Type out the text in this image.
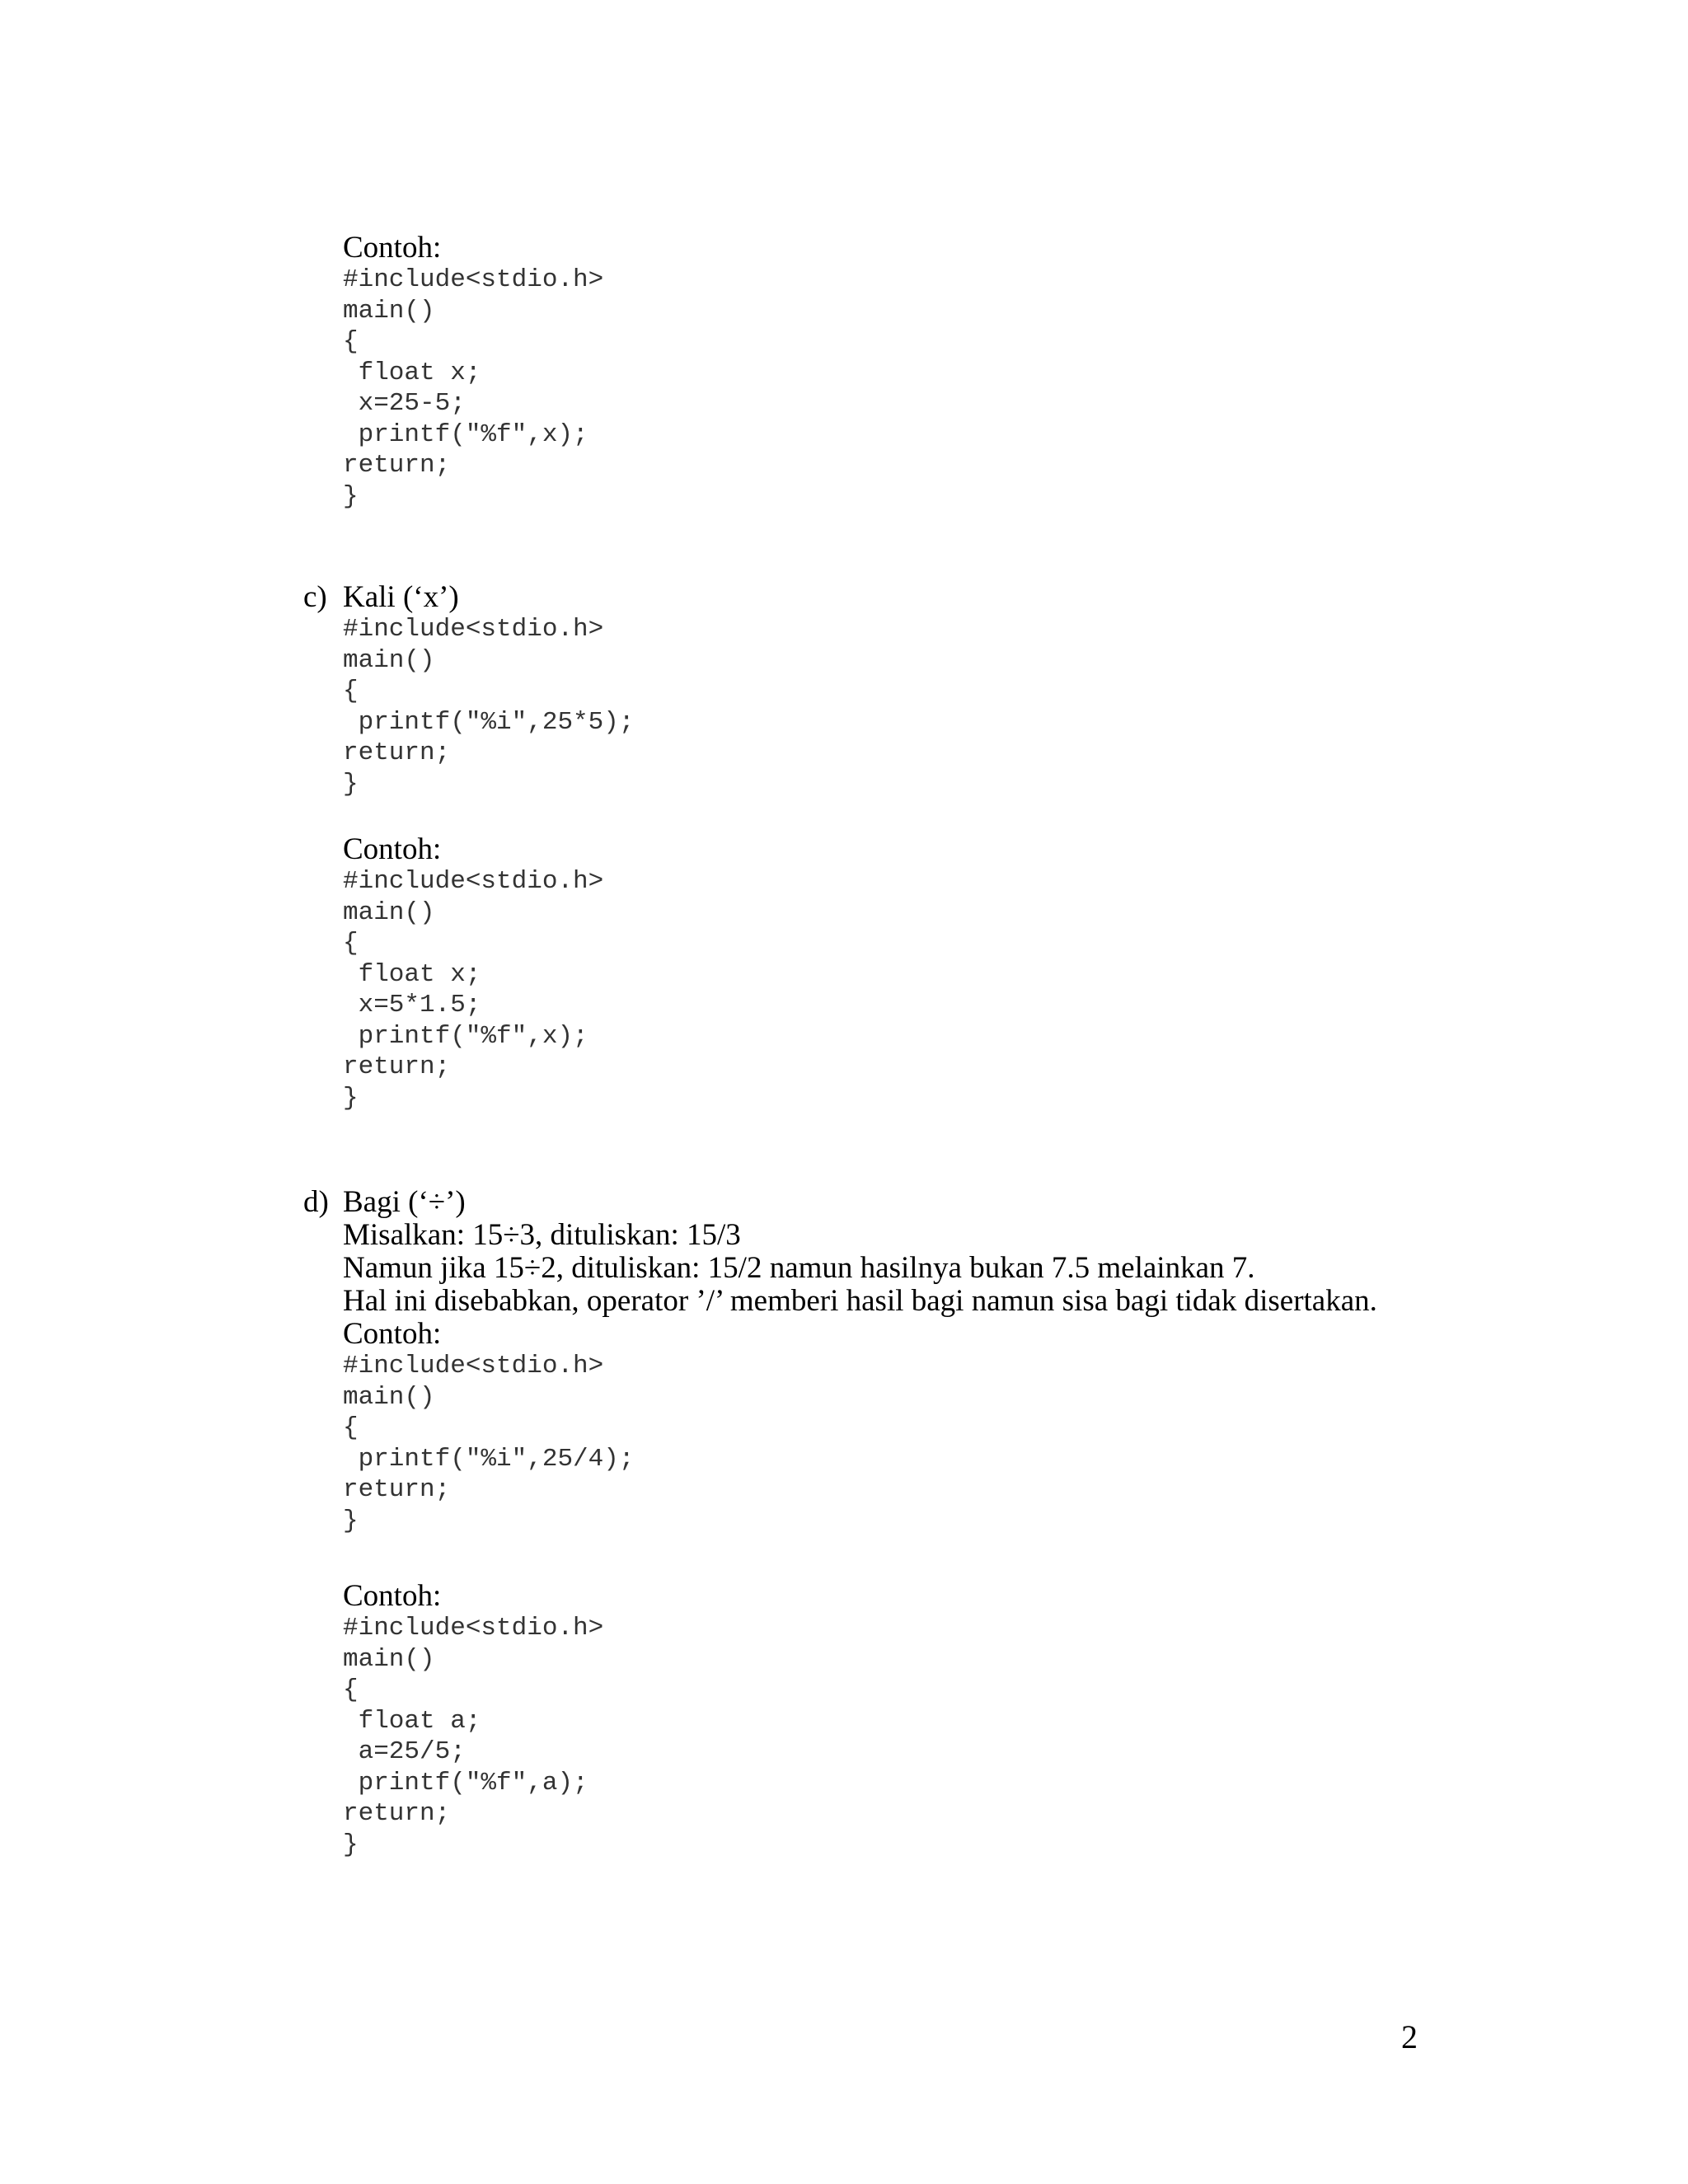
Contoh:
#include<stdio.h>
main()
{
float x;
x=25-5;
printf("%f",x);
return;
}
c) Kali (‘x’)
#include<stdio.h>
main()
{
printf("%i",25*5);
return;
}
Contoh:
#include<stdio.h>
main()
{
float x;
x=5*1.5;
printf("%f",x);
return;
}
d) Bagi (‘÷’)
Misalkan: 15÷3, dituliskan: 15/3
Namun jika 15÷2, dituliskan: 15/2 namun hasilnya bukan 7.5 melainkan 7.
Hal ini disebabkan, operator ’/’ memberi hasil bagi namun sisa bagi tidak disertakan.
Contoh:
#include<stdio.h>
main()
{
printf("%i",25/4);
return;
}
Contoh:
#include<stdio.h>
main()
{
float a;
a=25/5;
printf("%f",a);
return;
}
2
